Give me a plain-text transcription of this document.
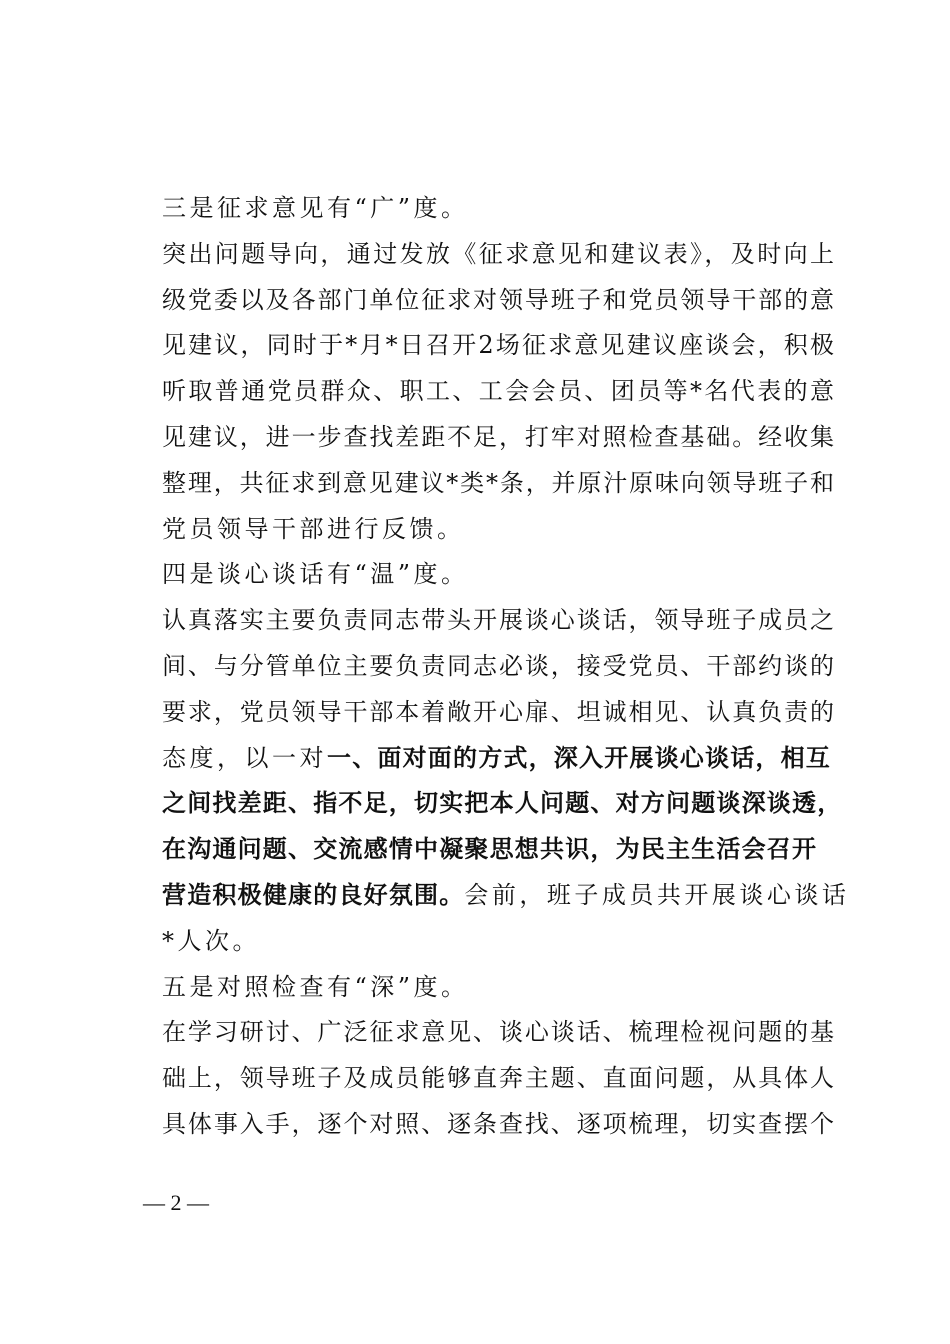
三是征求意见有“广”度。
突出问题导向，通过发放《征求意见和建议表》，及时向上
级党委以及各部门单位征求对领导班子和党员领导干部的意
见建议，同时于*月*日召开2场征求意见建议座谈会，积极
听取普通党员群众、职工、工会会员、团员等*名代表的意
见建议，进一步查找差距不足，打牢对照检查基础。经收集
整理，共征求到意见建议*类*条，并原汁原味向领导班子和
党员领导干部进行反馈。
四是谈心谈话有“温”度。
认真落实主要负责同志带头开展谈心谈话，领导班子成员之
间、与分管单位主要负责同志必谈，接受党员、干部约谈的
要求，党员领导干部本着敞开心扉、坦诚相见、认真负责的
态度，以一对一、面对面的方式，深入开展谈心谈话，相互
之间找差距、指不足，切实把本人问题、对方问题谈深谈透，
在沟通问题、交流感情中凝聚思想共识，为民主生活会召开
营造积极健康的良好氛围。会前，班子成员共开展谈心谈话
*人次。
五是对照检查有“深”度。
在学习研讨、广泛征求意见、谈心谈话、梳理检视问题的基
础上，领导班子及成员能够直奔主题、直面问题，从具体人
具体事入手，逐个对照、逐条查找、逐项梳理，切实查摆个
— 2 —
